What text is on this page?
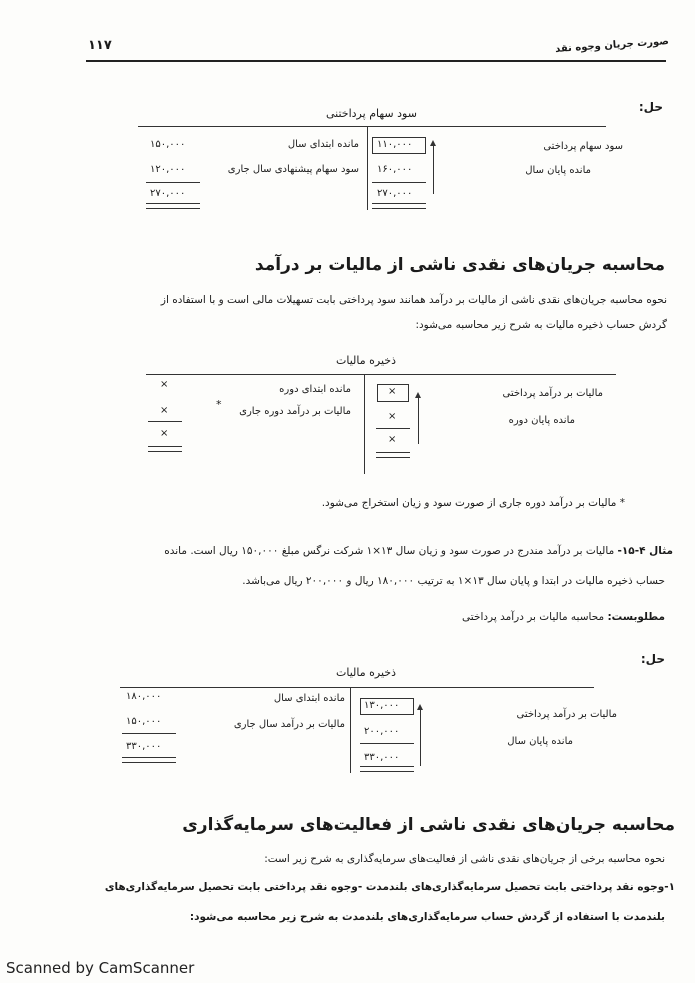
۱۱۷	صورت جریان وجوه نقد
حل:
سود سهام پرداختنی
سود سهام پرداختی
مانده پایان سال
۱۱۰,۰۰۰
۱۶۰,۰۰۰
۲۷۰,۰۰۰
مانده ابتدای سال
سود سهام پیشنهادی سال جاری
۱۵۰,۰۰۰
۱۲۰,۰۰۰
۲۷۰,۰۰۰
محاسبه جریان‌های نقدی ناشی از مالیات بر درآمد
نحوه محاسبه جریان‌های نقدی ناشی از مالیات بر درآمد همانند سود پرداختی بابت تسهیلات مالی است و با استفاده از
گردش حساب ذخیره مالیات به شرح زیر محاسبه می‌شود:
ذخیره مالیات
مالیات بر درآمد پرداختی
مانده پایان دوره
×
×
×
مانده ابتدای دوره
مالیات بر درآمد دوره جاری
*
×
×
×
* مالیات بر درآمد دوره جاری از صورت سود و زیان استخراج می‌شود.
مثال ۴-۱۵- مالیات بر درآمد مندرج در صورت سود و زیان سال ۱۳×۱ شرکت نرگس مبلغ ۱۵۰,۰۰۰ ریال است. مانده
حساب ذخیره مالیات در ابتدا و پایان سال ۱۳×۱ به ترتیب ۱۸۰,۰۰۰ ریال و ۲۰۰,۰۰۰ ریال می‌باشد.
مطلوبست: محاسبه مالیات بر درآمد پرداختی
حل:
ذخیره مالیات
مالیات بر درآمد پرداختی
مانده پایان سال
۱۳۰,۰۰۰
۲۰۰,۰۰۰
۳۳۰,۰۰۰
مانده ابتدای سال
مالیات بر درآمد سال جاری
۱۸۰,۰۰۰
۱۵۰,۰۰۰
۳۳۰,۰۰۰
محاسبه جریان‌های نقدی ناشی از فعالیت‌های سرمایه‌گذاری
نحوه محاسبه برخی از جریان‌های نقدی ناشی از فعالیت‌های سرمایه‌گذاری به شرح زیر است:
۱-وجوه نقد پرداختی بابت تحصیل سرمایه‌گذاری‌های بلندمدت -وجوه نقد پرداختی بابت تحصیل سرمایه‌گذاری‌های
بلندمدت با استفاده از گردش حساب سرمایه‌گذاری‌های بلندمدت به شرح زیر محاسبه می‌شود:
Scanned by CamScanner
